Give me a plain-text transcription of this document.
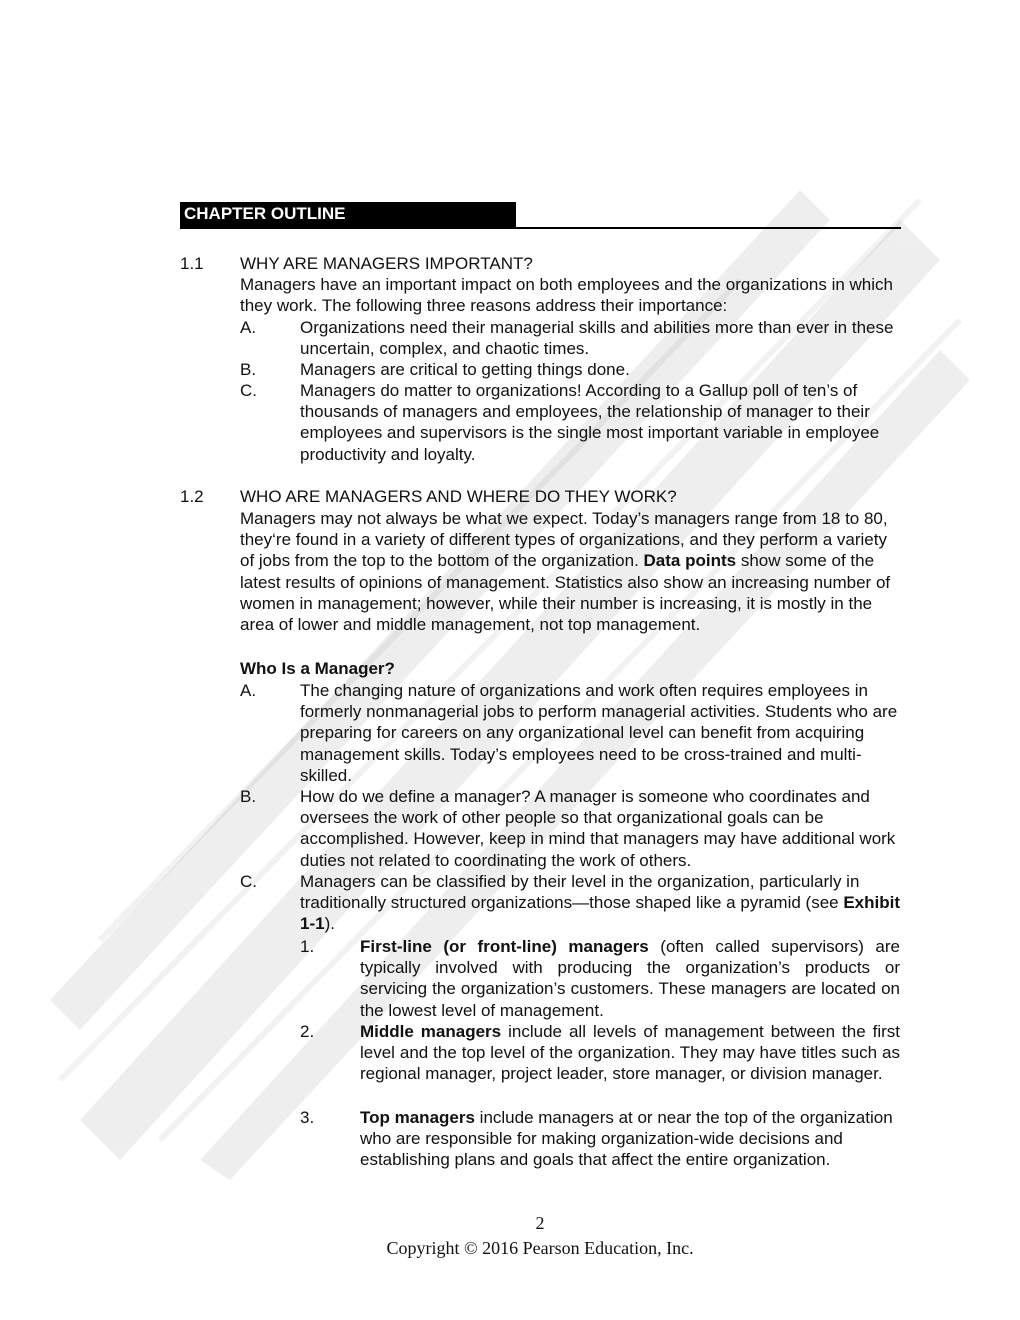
CHAPTER OUTLINE
1.1 WHY ARE MANAGERS IMPORTANT?
Managers have an important impact on both employees and the organizations in which they work. The following three reasons address their importance:
A.	Organizations need their managerial skills and abilities more than ever in these uncertain, complex, and chaotic times.
B.	Managers are critical to getting things done.
C.	Managers do matter to organizations! According to a Gallup poll of ten’s of thousands of managers and employees, the relationship of manager to their employees and supervisors is the single most important variable in employee productivity and loyalty.
1.2 WHO ARE MANAGERS AND WHERE DO THEY WORK?
Managers may not always be what we expect. Today’s managers range from 18 to 80, they‘re found in a variety of different types of organizations, and they perform a variety of jobs from the top to the bottom of the organization. Data points show some of the latest results of opinions of management. Statistics also show an increasing number of women in management; however, while their number is increasing, it is mostly in the area of lower and middle management, not top management.
Who Is a Manager?
A.	The changing nature of organizations and work often requires employees in formerly nonmanagerial jobs to perform managerial activities. Students who are preparing for careers on any organizational level can benefit from acquiring management skills. Today’s employees need to be cross-trained and multi-skilled.
B.	How do we define a manager? A manager is someone who coordinates and oversees the work of other people so that organizational goals can be accomplished. However, keep in mind that managers may have additional work duties not related to coordinating the work of others.
C.	Managers can be classified by their level in the organization, particularly in traditionally structured organizations—those shaped like a pyramid (see Exhibit 1-1).
1.	First-line (or front-line) managers (often called supervisors) are typically involved with producing the organization’s products or servicing the organization’s customers. These managers are located on the lowest level of management.
2.	Middle managers include all levels of management between the first level and the top level of the organization. They may have titles such as regional manager, project leader, store manager, or division manager.
3.	Top managers include managers at or near the top of the organization who are responsible for making organization-wide decisions and establishing plans and goals that affect the entire organization.
2
Copyright © 2016 Pearson Education, Inc.
